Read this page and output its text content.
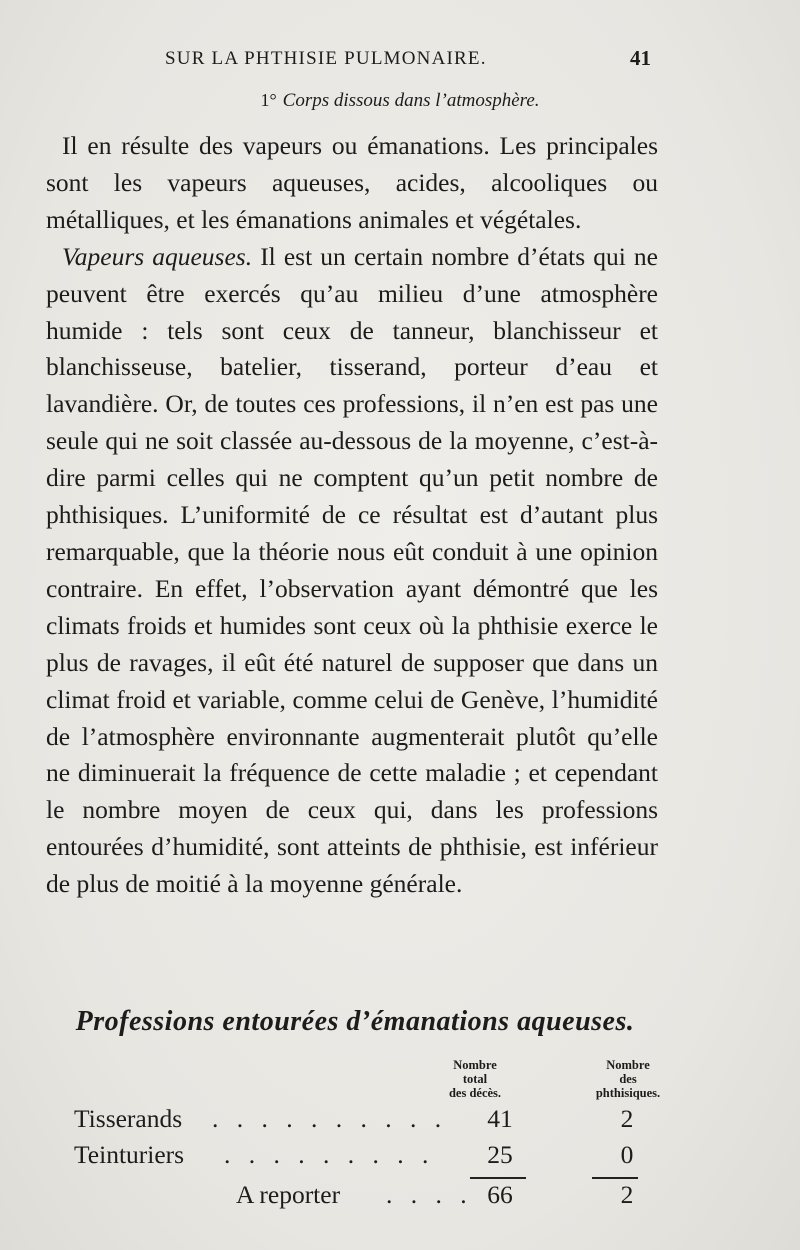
SUR LA PHTHISIE PULMONAIRE.	41
1° Corps dissous dans l’atmosphère.

Il en résulte des vapeurs ou émanations. Les principales sont les vapeurs aqueuses, acides, alcooliques ou métalliques, et les émanations animales et végétales.

Vapeurs aqueuses. Il est un certain nombre d’états qui ne peuvent être exercés qu’au milieu d’une atmosphère humide : tels sont ceux de tanneur, blanchisseur et blanchisseuse, batelier, tisserand, porteur d’eau et lavandière. Or, de toutes ces professions, il n’en est pas une seule qui ne soit classée au-dessous de la moyenne, c’est-à-dire parmi celles qui ne comptent qu’un petit nombre de phthisiques. L’uniformité de ce résultat est d’autant plus remarquable, que la théorie nous eût conduit à une opinion contraire. En effet, l’observation ayant démontré que les climats froids et humides sont ceux où la phthisie exerce le plus de ravages, il eût été naturel de supposer que dans un climat froid et variable, comme celui de Genève, l’humidité de l’atmosphère environnante augmenterait plutôt qu’elle ne diminuerait la fréquence de cette maladie ; et cependant le nombre moyen de ceux qui, dans les professions entourées d’humidité, sont atteints de phthisie, est inférieur de plus de moitié à la moyenne générale.

Professions entourées d’émanations aqueuses.
Nombre
total
des décès.
Nombre
des
phthisiques.
Tisserands . . . . . . . . . .	41	2
Teinturiers . . . . . . . . .	25	0
A reporter . . . . 66	2
